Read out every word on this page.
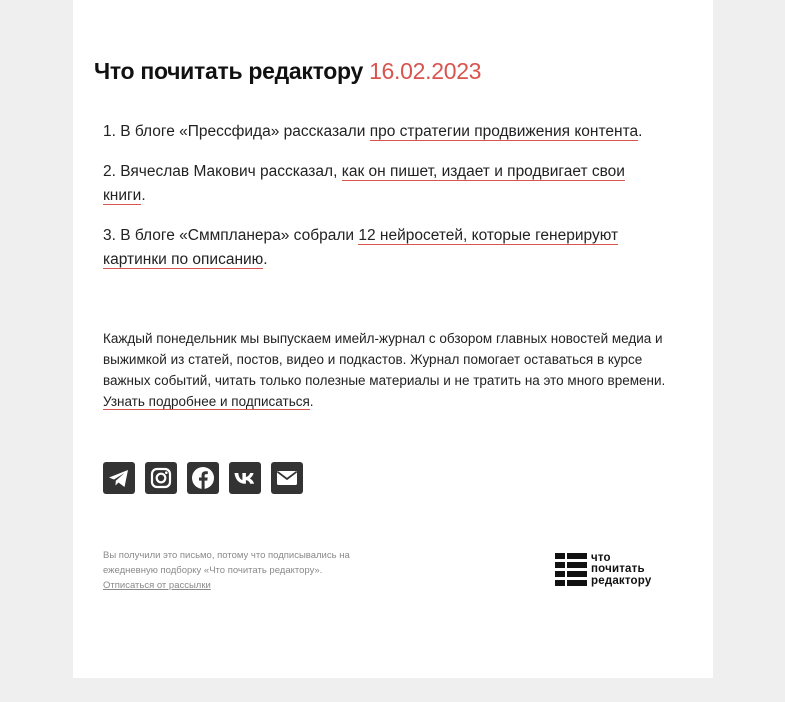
Что почитать редактору 16.02.2023

1. В блоге «Прессфида» рассказали про стратегии продвижения контента.

2. Вячеслав Макович рассказал, как он пишет, издает и продвигает свои книги.

3. В блоге «Сммпланера» собрали 12 нейросетей, которые генерируют картинки по описанию.

Каждый понедельник мы выпускаем имейл-журнал с обзором главных новостей медиа и выжимкой из статей, постов, видео и подкастов. Журнал помогает оставаться в курсе важных событий, читать только полезные материалы и не тратить на это много времени. Узнать подробнее и подписаться.

Вы получили это письмо, потому что подписывались на ежедневную подборку «Что почитать редактору».
Отписаться от рассылки
что
почитать
редактору
